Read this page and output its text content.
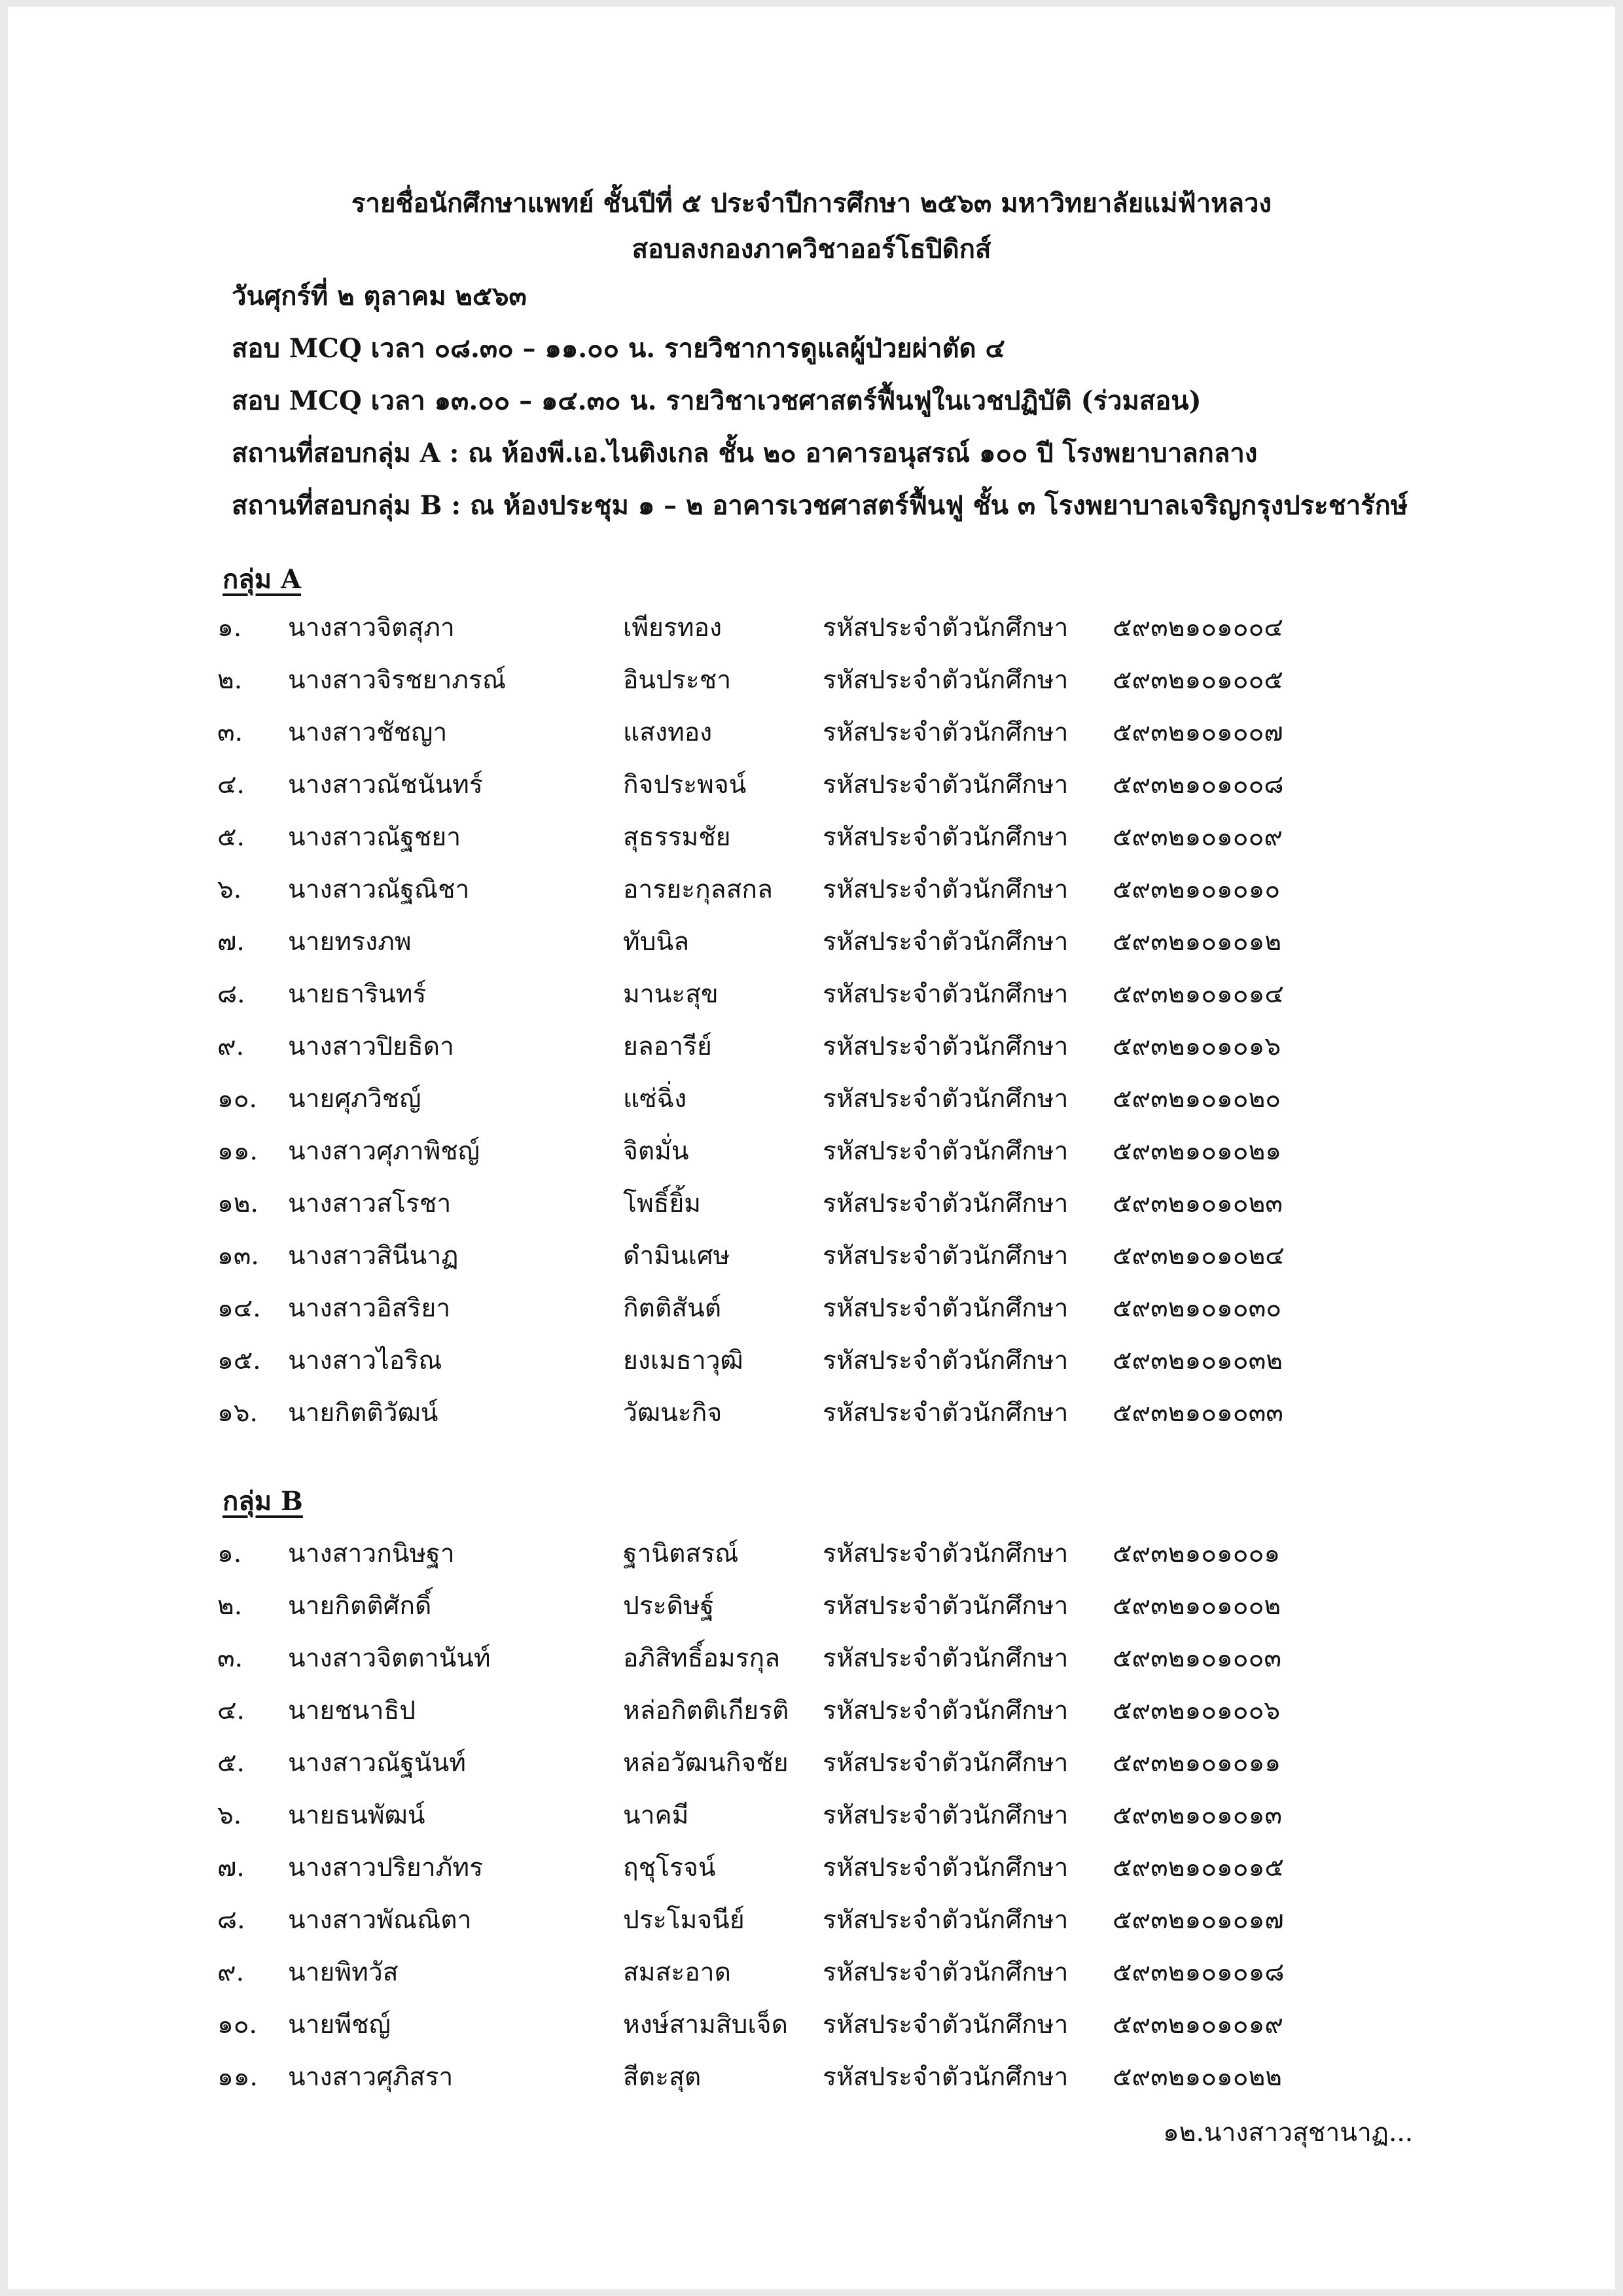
รายชื่อนักศึกษาแพทย์ ชั้นปีที่ ๕ ประจำปีการศึกษา ๒๕๖๓ มหาวิทยาลัยแม่ฟ้าหลวง
สอบลงกองภาควิชาออร์โธปิดิกส์
วันศุกร์ที่ ๒ ตุลาคม ๒๕๖๓
สอบ MCQ เวลา ๐๘.๓๐ – ๑๑.๐๐ น. รายวิชาการดูแลผู้ป่วยผ่าตัด ๔
สอบ MCQ เวลา ๑๓.๐๐ – ๑๔.๓๐ น. รายวิชาเวชศาสตร์ฟื้นฟูในเวชปฏิบัติ (ร่วมสอน)
สถานที่สอบกลุ่ม A : ณ ห้องพี.เอ.ไนติงเกล ชั้น ๒๐ อาคารอนุสรณ์ ๑๐๐ ปี โรงพยาบาลกลาง
สถานที่สอบกลุ่ม B : ณ ห้องประชุม ๑ – ๒ อาคารเวชศาสตร์ฟื้นฟู ชั้น ๓ โรงพยาบาลเจริญกรุงประชารักษ์
กลุ่ม A
๑. นางสาวจิตสุภา	เพียรทอง	รหัสประจำตัวนักศึกษา ๕๙๓๒๑๐๑๐๐๔
๒. นางสาวจิรชยาภรณ์	อินประชา	รหัสประจำตัวนักศึกษา ๕๙๓๒๑๐๑๐๐๕
๓. นางสาวชัชญา	แสงทอง	รหัสประจำตัวนักศึกษา ๕๙๓๒๑๐๑๐๐๗
๔. นางสาวณัชนันทร์	กิจประพจน์	รหัสประจำตัวนักศึกษา ๕๙๓๒๑๐๑๐๐๘
๕. นางสาวณัฐชยา	สุธรรมชัย	รหัสประจำตัวนักศึกษา ๕๙๓๒๑๐๑๐๐๙
๖. นางสาวณัฐณิชา	อารยะกุลสกล รหัสประจำตัวนักศึกษา ๕๙๓๒๑๐๑๐๑๐
๗. นายทรงภพ	ทับนิล	รหัสประจำตัวนักศึกษา ๕๙๓๒๑๐๑๐๑๒
๘. นายธารินทร์	มานะสุข	รหัสประจำตัวนักศึกษา ๕๙๓๒๑๐๑๐๑๔
๙. นางสาวปิยธิดา	ยลอารีย์	รหัสประจำตัวนักศึกษา ๕๙๓๒๑๐๑๐๑๖
๑๐. นายศุภวิชญ์	แซ่ฉิ่ง	รหัสประจำตัวนักศึกษา ๕๙๓๒๑๐๑๐๒๐
๑๑. นางสาวศุภาพิชญ์	จิตมั่น	รหัสประจำตัวนักศึกษา ๕๙๓๒๑๐๑๐๒๑
๑๒. นางสาวสโรชา	โพธิ์ยิ้ม	รหัสประจำตัวนักศึกษา ๕๙๓๒๑๐๑๐๒๓
๑๓. นางสาวสินีนาฏ	ดำมินเศษ	รหัสประจำตัวนักศึกษา ๕๙๓๒๑๐๑๐๒๔
๑๔. นางสาวอิสริยา	กิตติสันต์	รหัสประจำตัวนักศึกษา ๕๙๓๒๑๐๑๐๓๐
๑๕. นางสาวไอริณ	ยงเมธาวุฒิ	รหัสประจำตัวนักศึกษา ๕๙๓๒๑๐๑๐๓๒
๑๖. นายกิตติวัฒน์	วัฒนะกิจ	รหัสประจำตัวนักศึกษา ๕๙๓๒๑๐๑๐๓๓
กลุ่ม B
๑. นางสาวกนิษฐา	ฐานิตสรณ์	รหัสประจำตัวนักศึกษา ๕๙๓๒๑๐๑๐๐๑
๒. นายกิตติศักดิ์	ประดิษฐ์	รหัสประจำตัวนักศึกษา ๕๙๓๒๑๐๑๐๐๒
๓. นางสาวจิตตานันท์	อภิสิทธิ์อมรกุล รหัสประจำตัวนักศึกษา ๕๙๓๒๑๐๑๐๐๓
๔. นายชนาธิป	หล่อกิตติเกียรติ รหัสประจำตัวนักศึกษา ๕๙๓๒๑๐๑๐๐๖
๕. นางสาวณัฐนันท์	หล่อวัฒนกิจชัย รหัสประจำตัวนักศึกษา ๕๙๓๒๑๐๑๐๑๑
๖. นายธนพัฒน์	นาคมี	รหัสประจำตัวนักศึกษา ๕๙๓๒๑๐๑๐๑๓
๗. นางสาวปริยาภัทร	ฤชุโรจน์	รหัสประจำตัวนักศึกษา ๕๙๓๒๑๐๑๐๑๕
๘. นางสาวพัณณิตา	ประโมจนีย์	รหัสประจำตัวนักศึกษา ๕๙๓๒๑๐๑๐๑๗
๙. นายพิทวัส	สมสะอาด	รหัสประจำตัวนักศึกษา ๕๙๓๒๑๐๑๐๑๘
๑๐. นายพีชญ์	หงษ์สามสิบเจ็ด รหัสประจำตัวนักศึกษา ๕๙๓๒๑๐๑๐๑๙
๑๑. นางสาวศุภิสรา	สีตะสุต	รหัสประจำตัวนักศึกษา ๕๙๓๒๑๐๑๐๒๒
๑๒.นางสาวสุชานาฏ...
